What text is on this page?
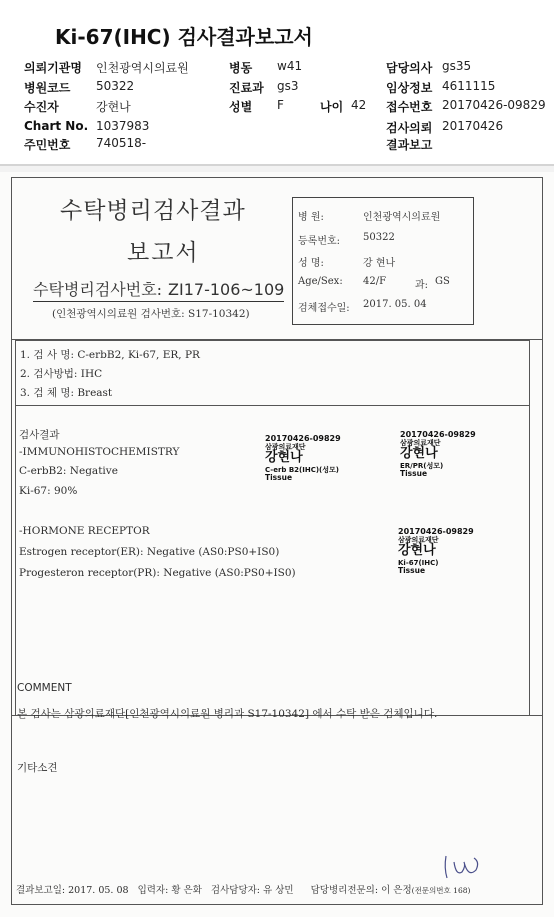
Ki-67(IHC) 검사결과보고서
의뢰기관명 인천광역시의료원
병원코드 50322
수진자	강현나
Chart No. 1037983
주민번호 740518-
병동 w41
진료과 gs3
성별 F	나이 42
담당의사 gs35
임상정보 4611115
접수번호 20170426-09829
검사의뢰 20170426
결과보고
수탁병리검사결과
보고서
수탁병리검사번호: ZI17-106~109
(인천광역시의료원 검사번호: S17-10342)
병 원:	인천광역시의료원
등록번호: 50322
성 명:	강 현나
Age/Sex: 42/F	과: GS
검체접수일: 2017. 05. 04
1. 검 사 명: C-erbB2, Ki-67, ER, PR
2. 검사방법: IHC
3. 검 체 명: Breast
검사결과
-IMMUNOHISTOCHEMISTRY
C-erbB2: Negative
Ki-67: 90%
-HORMONE RECEPTOR
Estrogen receptor(ER): Negative (AS0:PS0+IS0)
Progesteron receptor(PR): Negative (AS0:PS0+IS0)
20170426-09829
삼광의료재단
강현나
C-erb B2(IHC)(성모)
Tissue
20170426-09829
삼광의료재단
강현나
ER/PR(성모)
Tissue
20170426-09829
삼광의료재단
강현나
Ki-67(IHC)
Tissue
COMMENT
본 검사는 삼광의료재단[인천광역시의료원 병리과 S17-10342] 에서 수탁 받은 검체입니다.
기타소견
결과보고일: 2017. 05. 08 입력자: 황 은화 검사담당자: 유 상민 담당병리전문의: 이 은정(전문의번호 168)
